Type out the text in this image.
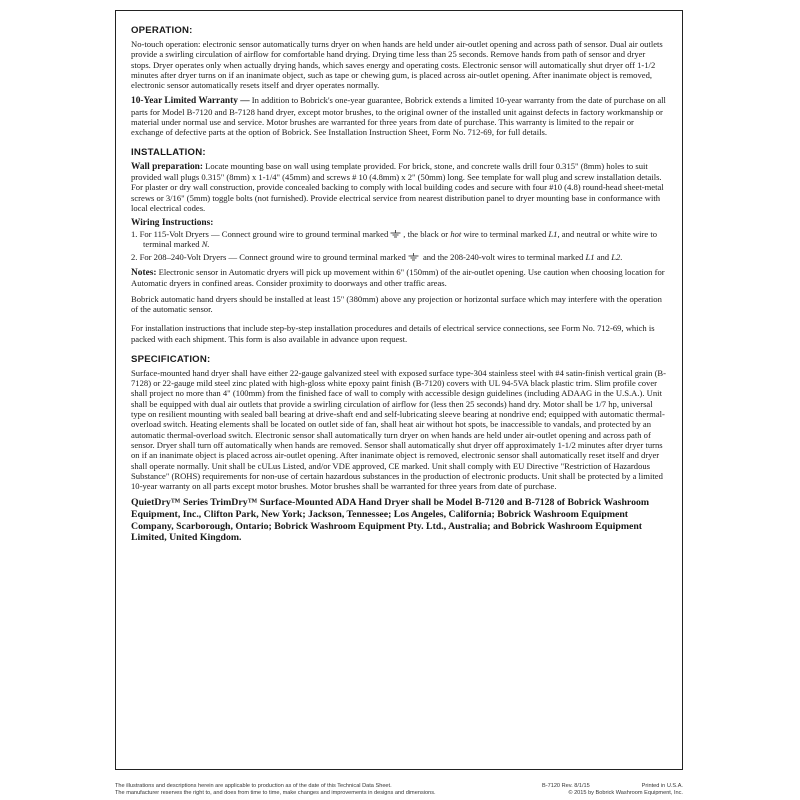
OPERATION:

No-touch operation: electronic sensor automatically turns dryer on when hands are held under air-outlet opening and across path of sensor. Dual air outlets provide a swirling circulation of airflow for comfortable hand drying. Drying time less than 25 seconds. Remove hands from path of sensor and dryer stops. Dryer operates only when actually drying hands, which saves energy and operating costs. Electronic sensor will automatically shut dryer off 1-1/2 minutes after dryer turns on if an inanimate object, such as tape or chewing gum, is placed across air-outlet opening. After inanimate object is removed, electronic sensor automatically resets itself and dryer operates normally.

10-Year Limited Warranty — In addition to Bobrick's one-year guarantee, Bobrick extends a limited 10-year warranty from the date of purchase on all parts for Model B-7120 and B-7128 hand dryer, except motor brushes, to the original owner of the installed unit against defects in factory workmanship or material under normal use and service. Motor brushes are warranted for three years from date of purchase. This warranty is limited to the repair or exchange of defective parts at the option of Bobrick. See Installation Instruction Sheet, Form No. 712-69, for full details.

INSTALLATION:

Wall preparation: Locate mounting base on wall using template provided. For brick, stone, and concrete walls drill four 0.315" (8mm) holes to suit provided wall plugs 0.315" (8mm) x 1-1/4" (45mm) and screws # 10 (4.8mm) x 2" (50mm) long. See template for wall plug and screw installation details. For plaster or dry wall construction, provide concealed backing to comply with local building codes and secure with four #10 (4.8) round-head sheet-metal screws or 3/16" (5mm) toggle bolts (not furnished). Provide electrical service from nearest distribution panel to dryer mounting base in conformance with local electrical codes.

Wiring Instructions:
1. For 115-Volt Dryers — Connect ground wire to ground terminal marked , the black or hot wire to terminal marked L1, and neutral or white wire to terminal marked N.
2. For 208–240-Volt Dryers — Connect ground wire to ground terminal marked and the 208-240-volt wires to terminal marked L1 and L2.

Notes: Electronic sensor in Automatic dryers will pick up movement within 6" (150mm) of the air-outlet opening. Use caution when choosing location for Automatic dryers in confined areas. Consider proximity to doorways and other traffic areas.

Bobrick automatic hand dryers should be installed at least 15" (380mm) above any projection or horizontal surface which may interfere with the operation of the automatic sensor.

For installation instructions that include step-by-step installation procedures and details of electrical service connections, see Form No. 712-69, which is packed with each shipment. This form is also available in advance upon request.

SPECIFICATION:

Surface-mounted hand dryer shall have either 22-gauge galvanized steel with exposed surface type-304 stainless steel with #4 satin-finish vertical grain (B-7128) or 22-gauge mild steel zinc plated with high-gloss white epoxy paint finish (B-7120) covers with UL 94-5VA black plastic trim. Slim profile cover shall project no more than 4" (100mm) from the finished face of wall to comply with accessible design guidelines (including ADAAG in the U.S.A.). Unit shall be equipped with dual air outlets that provide a swirling circulation of airflow for (less then 25 seconds) hand dry. Motor shall be 1/7 hp, universal type on resilient mounting with sealed ball bearing at drive-shaft end and self-lubricating sleeve bearing at nondrive end; equipped with automatic thermal-overload switch. Heating elements shall be located on outlet side of fan, shall heat air without hot spots, be inaccessible to vandals, and protected by an automatic thermal-overload switch. Electronic sensor shall automatically turn dryer on when hands are held under air-outlet opening and across path of sensor. Dryer shall turn off automatically when hands are removed. Sensor shall automatically shut dryer off approximately 1-1/2 minutes after dryer turns on if an inanimate object is placed across air-outlet opening. After inanimate object is removed, electronic sensor shall automatically reset itself and dryer shall operate normally. Unit shall be cULus Listed, and/or VDE approved, CE marked. Unit shall comply with EU Directive "Restriction of Hazardous Substance" (ROHS) requirements for non-use of certain hazardous substances in the production of electronic products. Unit shall be protected by a limited 10-year warranty on all parts except motor brushes. Motor brushes shall be warranted for three years from date of purchase.

QuietDry™ Series TrimDry™ Surface-Mounted ADA Hand Dryer shall be Model B-7120 and B-7128 of Bobrick Washroom Equipment, Inc., Clifton Park, New York; Jackson, Tennessee; Los Angeles, California; Bobrick Washroom Equipment Company, Scarborough, Ontario; Bobrick Washroom Equipment Pty. Ltd., Australia; and Bobrick Washroom Equipment Limited, United Kingdom.

The illustrations and descriptions herein are applicable to production as of the date of this Technical Data Sheet.
The manufacturer reserves the right to, and does from time to time, make changes and improvements in designs and dimensions.
B-7120 Rev. 8/1/15	Printed in U.S.A.
© 2015 by Bobrick Washroom Equipment, Inc.
